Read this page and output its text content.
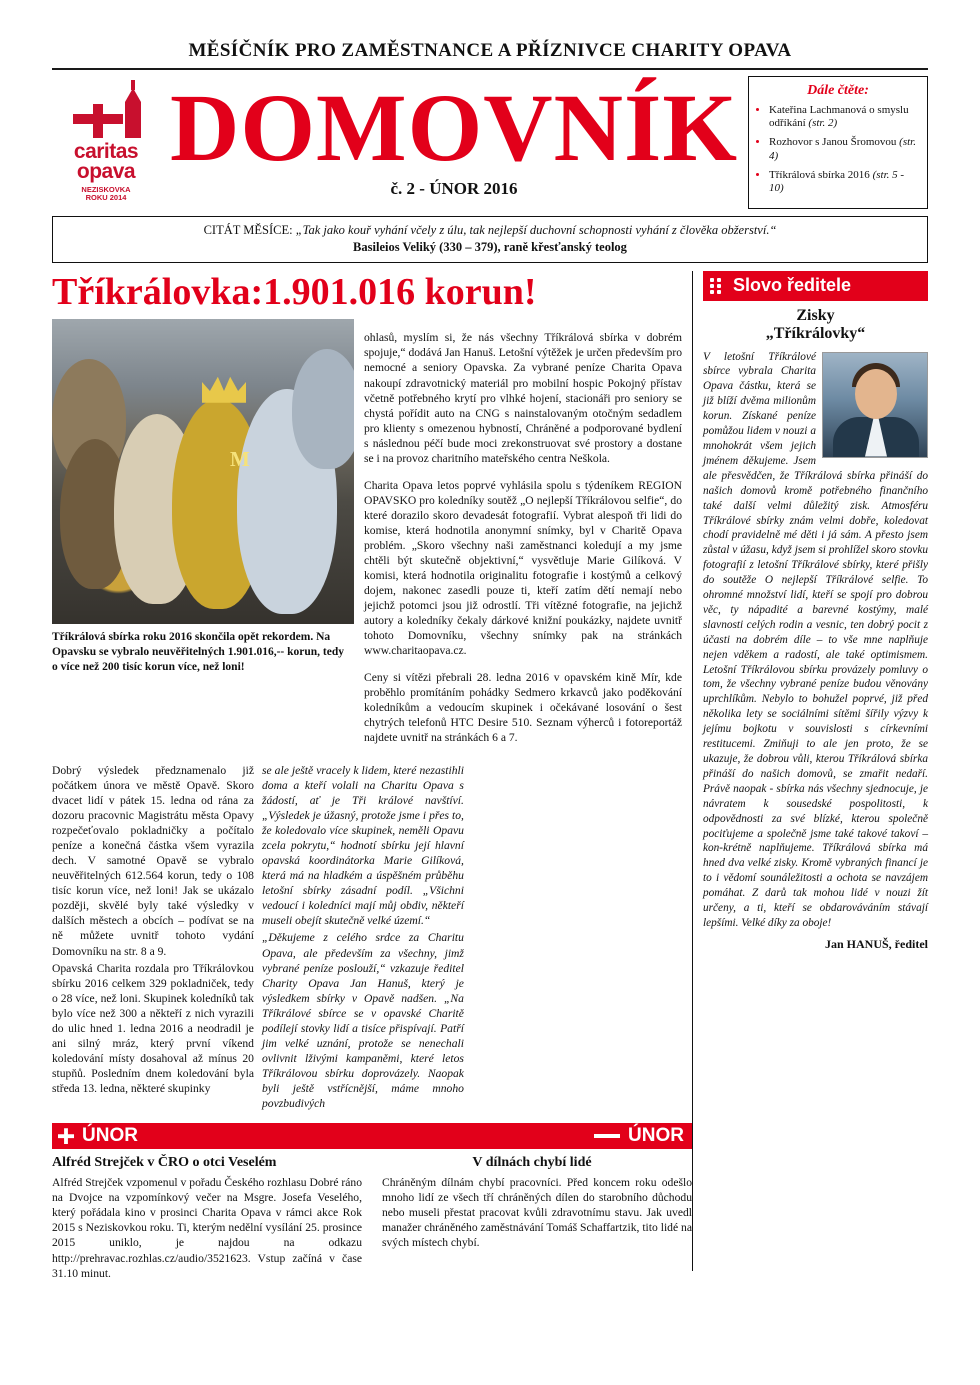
MĚSÍČNÍK PRO ZAMĚSTNANCE A PŘÍZNIVCE CHARITY OPAVA
caritas
opava
NEZISKOVKA
ROKU 2014
DOMOVNÍK
č. 2 - ÚNOR 2016
Dále čtěte:
• Kateřina Lachmanová o smyslu odříkání (str. 2)
• Rozhovor s Janou Šromovou (str. 4)
• Tříkrálová sbírka 2016 (str. 5 - 10)
CITÁT MĚSÍCE: „Tak jako kouř vyhání včely z úlu, tak nejlepší duchovní schopnosti vyhání z člověka obžerství.“
Basileios Veliký (330 – 379), raně křesťanský teolog
Tříkrálovka:1.901.016 korun!
M
Tříkrálová sbírka roku 2016 skončila opět rekordem. Na Opavsku se vybralo neuvěřitelných 1.901.016,-- korun, tedy o více než 200 tisíc korun více, než loni!

ohlasů, myslím si, že nás všechny Tříkrálová sbírka v dobrém spojuje,“ dodává Jan Hanuš. Letošní výtěžek je určen především pro nemocné a seniory Opavska. Za vybrané peníze Charita Opava nakoupí zdravotnický materiál pro mobilní hospic Pokojný přístav včetně potřebného krytí pro vlhké hojení, stacionáři pro seniory se chystá pořídit auto na CNG s nainstalovaným otočným sedadlem pro klienty s omezenou hybností, Chráněné a podporované bydlení s následnou péčí bude moci zrekonstruovat své prostory a dostane se i na provoz charitního mateřského centra Neškola.

Charita Opava letos poprvé vyhlásila spolu s týdeníkem REGION OPAVSKO pro koledníky soutěž „O nejlepší Tříkrálovou selfie“, do které dorazilo skoro devadesát fotografií. Vybrat alespoň tři lidi do komise, která hodnotila anonymní snímky, byl v Charitě Opava problém. „Skoro všechny naši zaměstnanci koledují a my jsme chtěli být skutečně objektivní,“ vysvětluje Marie Gilíková. V komisi, která hodnotila originalitu fotografie i kostýmů a celkový dojem, nakonec zasedli pouze ti, kteří zatím dětí nemají nebo jejichž potomci jsou již odrostlí. Tři vítězné fotografie, na jejichž autory a koledníky čekaly dárkové knižní poukázky, najdete uvnitř tohoto Domovníku, všechny snímky pak na stránkách www.charitaopava.cz.

Ceny si vítězi přebrali 28. ledna 2016 v opavském kině Mír, kde proběhlo promítáním pohádky Sedmero krkavců jako poděkování koledníkům a vedoucím skupinek i očekávané losování o šest chytrých telefonů HTC Desire 510. Seznam výherců i fotoreportáž najdete uvnitř na stránkách 6 a 7.

Dobrý výsledek předznamenalo již počátkem února ve městě Opavě. Skoro dvacet lidí v pátek 15. ledna od rána za dozoru pracovnic Magistrátu města Opavy rozpečeťovalo pokladničky a počítalo peníze a konečná částka všem vyrazila dech. V samotné Opavě se vybralo neuvěřitelných 612.564 korun, tedy o 108 tisíc korun více, než loni! Jak se ukázalo později, skvělé byly také výsledky v dalších městech a obcích – podívat se na ně můžete uvnitř tohoto vydání Domovníku na str. 8 a 9.

Opavská Charita rozdala pro Tříkrálovkou sbírku 2016 celkem 329 pokladniček, tedy o 28 více, než loni. Skupinek koledníků tak bylo více než 300 a někteří z nich vyrazili do ulic hned 1. ledna 2016 a neodradil je ani silný mráz, který první víkend koledování místy dosahoval až mínus 20 stupňů. Posledním dnem koledování byla středa 13. ledna, některé skupinky

se ale ještě vracely k lidem, které nezastihli doma a kteří volali na Charitu Opava s žádostí, ať je Tři králové navštíví. „Výsledek je úžasný, protože jsme i přes to, že koledovalo více skupinek, neměli Opavu zcela pokrytu,“ hodnotí sbírku její hlavní opavská koordinátorka Marie Gilíková, která má na hladkém a úspěšném průběhu letošní sbírky zásadní podíl. „Všichni vedoucí i koledníci mají můj obdiv, někteří museli obejít skutečně velké území.“

„Děkujeme z celého srdce za Charitu Opava, ale především za všechny, jimž vybrané peníze poslouží,“ vzkazuje ředitel Charity Opava Jan Hanuš, který je výsledkem sbírky v Opavě nadšen. „Na Tříkrálové sbírce se v opavské Charitě podílejí stovky lidí a tisíce přispívají. Patří jim velké uznání, protože se nenechali ovlivnit lživými kampaněmi, které letos Tříkrálovou sbírku doprovázely. Naopak byli ještě vstřícnější, máme mnoho povzbudivých

ÚNOR
Alfréd Strejček v ČRO o otci Veselém
Alfréd Strejček vzpomenul v pořadu Českého rozhlasu Dobré ráno na Dvojce na vzpomínkový večer na Msgre. Josefa Veselého, který pořádala kino v prosinci Charita Opava v rámci akce Rok 2015 s Neziskovkou roku. Ti, kterým nedělní vysílání 25. prosince 2015 uniklo, je najdou na odkazu http://prehravac.rozhlas.cz/audio/3521623. Vstup začíná v čase 31.10 minut.
ÚNOR
V dílnách chybí lidé
Chráněným dílnám chybí pracovníci. Před koncem roku odešlo mnoho lidí ze všech tří chráněných dílen do starobního důchodu nebo museli přestat pracovat kvůli zdravotnímu stavu. Jak uvedl manažer chráněného zaměstnávání Tomáš Schaffartzik, tito lidé na svých místech chybí.
Slovo ředitele
Zisky
„Tříkrálovky“

V letošní Tříkrálové sbírce vybrala Charita Opava částku, která se již blíží dvěma milionům korun. Získané peníze pomůžou lidem v nouzi a mnohokrát všem jejich jménem děkujeme. Jsem ale přesvědčen, že Tříkrálová sbírka přináší do našich domovů kromě potřebného finančního také další velmi důležitý zisk. Atmosféru Tříkrálové sbírky znám velmi dobře, koledovat chodí pravidelně mé děti i já sám. A přesto jsem zůstal v úžasu, když jsem si prohlížel skoro stovku fotografií z letošní Tříkrálové sbírky, které přišly do soutěže O nejlepší Tříkrálové selfie. To ohromné množství lidí, kteří se spojí pro dobrou věc, ty nápadité a barevné kostýmy, malé slavnosti celých rodin a vesnic, ten dobrý pocit z účasti na dobrém díle – to vše mne naplňuje nejen vděkem a radostí, ale také optimismem. Letošní Tříkrálovou sbírku provázely pomluvy o tom, že všechny vybrané peníze budou věnovány uprchlíkům. Nebylo to bohužel poprvé, již před několika lety se sociálními sítěmi šířily výzvy k jejímu bojkotu v souvislosti s církevními restitucemi. Zmiňuji to ale jen proto, že se ukazuje, že dobrou vůli, kterou Tříkrálová sbírka přináší do našich domovů, se zmařit nedaří. Právě naopak - sbírka nás všechny sjednocuje, je návratem k sousedské pospolitosti, k odpovědnosti za své blízké, kterou společně pociťujeme a společně jsme také takové takoví – kon-krétně naplňujeme. Tříkrálová sbírka má hned dva velké zisky. Kromě vybraných financí je to i vědomí sounáležitosti a ochota se navzájem pomáhat. Z darů tak mohou lidé v nouzi žít určeny, a ti, kteří se obdarováváním stávají lepšími. Velké díky za oboje!

Jan HANUŠ, ředitel
